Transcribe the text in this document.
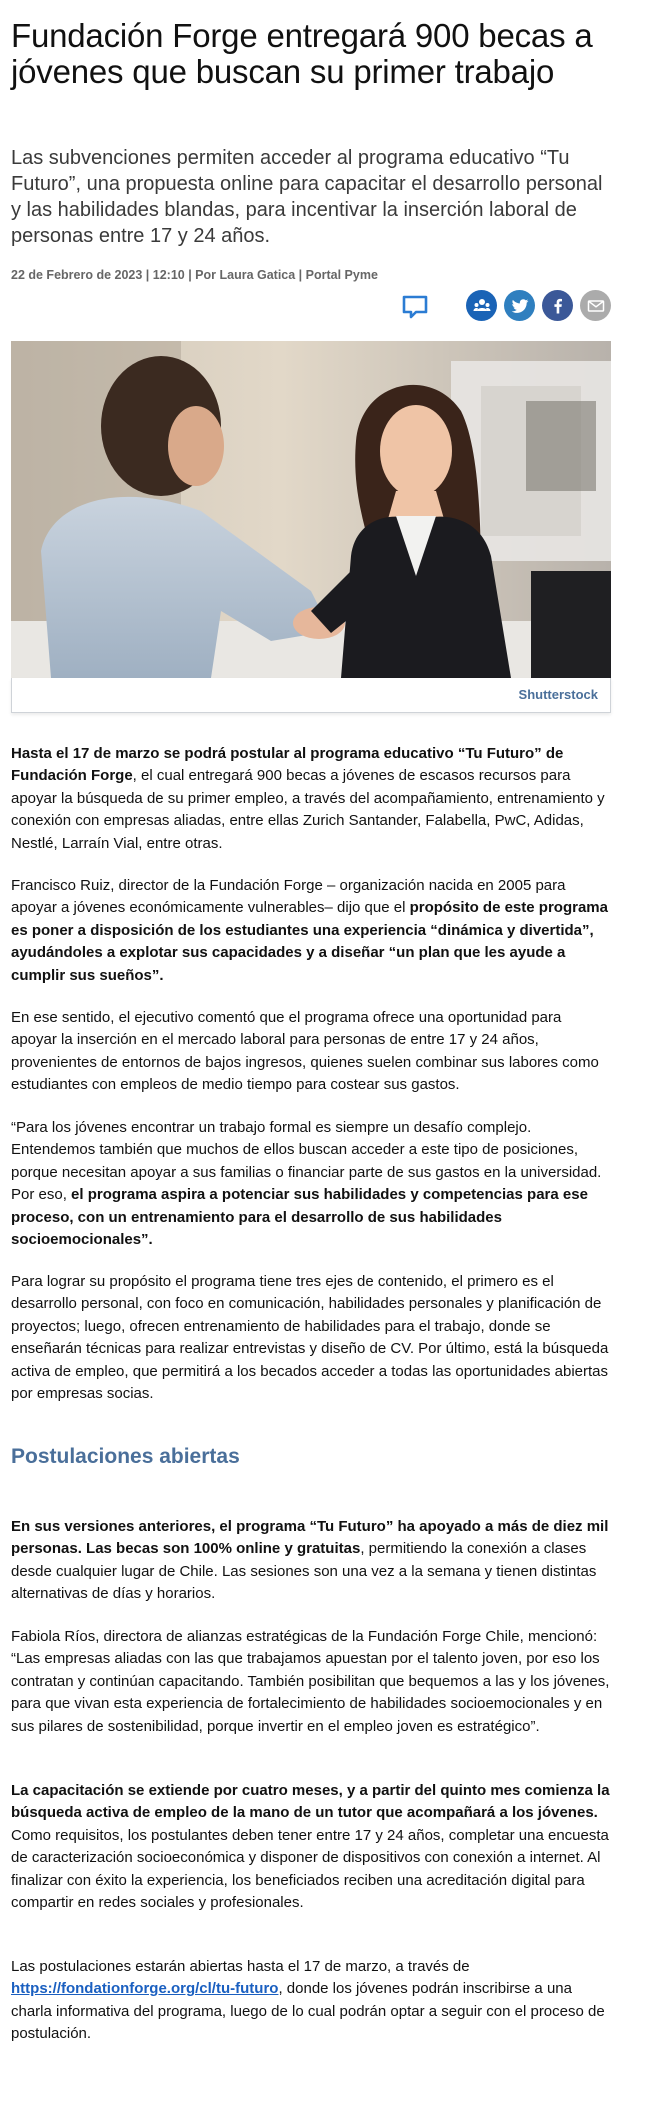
Fundación Forge entregará 900 becas a jóvenes que buscan su primer trabajo

Las subvenciones permiten acceder al programa educativo “Tu Futuro”, una propuesta online para capacitar el desarrollo personal y las habilidades blandas, para incentivar la inserción laboral de personas entre 17 y 24 años.

22 de Febrero de 2023 | 12:10 | Por Laura Gatica | Portal Pyme
Shutterstock

Hasta el 17 de marzo se podrá postular al programa educativo “Tu Futuro” de Fundación Forge, el cual entregará 900 becas a jóvenes de escasos recursos para apoyar la búsqueda de su primer empleo, a través del acompañamiento, entrenamiento y conexión con empresas aliadas, entre ellas Zurich Santander, Falabella, PwC, Adidas, Nestlé, Larraín Vial, entre otras.

Francisco Ruiz, director de la Fundación Forge – organización nacida en 2005 para apoyar a jóvenes económicamente vulnerables– dijo que el propósito de este programa es poner a disposición de los estudiantes una experiencia “dinámica y divertida”, ayudándoles a explotar sus capacidades y a diseñar “un plan que les ayude a cumplir sus sueños”.

En ese sentido, el ejecutivo comentó que el programa ofrece una oportunidad para apoyar la inserción en el mercado laboral para personas de entre 17 y 24 años, provenientes de entornos de bajos ingresos, quienes suelen combinar sus labores como estudiantes con empleos de medio tiempo para costear sus gastos.

“Para los jóvenes encontrar un trabajo formal es siempre un desafío complejo. Entendemos también que muchos de ellos buscan acceder a este tipo de posiciones, porque necesitan apoyar a sus familias o financiar parte de sus gastos en la universidad. Por eso, el programa aspira a potenciar sus habilidades y competencias para ese proceso, con un entrenamiento para el desarrollo de sus habilidades socioemocionales”.

Para lograr su propósito el programa tiene tres ejes de contenido, el primero es el desarrollo personal, con foco en comunicación, habilidades personales y planificación de proyectos; luego, ofrecen entrenamiento de habilidades para el trabajo, donde se enseñarán técnicas para realizar entrevistas y diseño de CV. Por último, está la búsqueda activa de empleo, que permitirá a los becados acceder a todas las oportunidades abiertas por empresas socias.

Postulaciones abiertas

En sus versiones anteriores, el programa “Tu Futuro” ha apoyado a más de diez mil personas. Las becas son 100% online y gratuitas, permitiendo la conexión a clases desde cualquier lugar de Chile. Las sesiones son una vez a la semana y tienen distintas alternativas de días y horarios.

Fabiola Ríos, directora de alianzas estratégicas de la Fundación Forge Chile, mencionó: “Las empresas aliadas con las que trabajamos apuestan por el talento joven, por eso los contratan y continúan capacitando. También posibilitan que bequemos a las y los jóvenes, para que vivan esta experiencia de fortalecimiento de habilidades socioemocionales y en sus pilares de sostenibilidad, porque invertir en el empleo joven es estratégico”.

La capacitación se extiende por cuatro meses, y a partir del quinto mes comienza la búsqueda activa de empleo de la mano de un tutor que acompañará a los jóvenes. Como requisitos, los postulantes deben tener entre 17 y 24 años, completar una encuesta de caracterización socioeconómica y disponer de dispositivos con conexión a internet. Al finalizar con éxito la experiencia, los beneficiados reciben una acreditación digital para compartir en redes sociales y profesionales.

Las postulaciones estarán abiertas hasta el 17 de marzo, a través de https://fondationforge.org/cl/tu-futuro, donde los jóvenes podrán inscribirse a una charla informativa del programa, luego de lo cual podrán optar a seguir con el proceso de postulación.
